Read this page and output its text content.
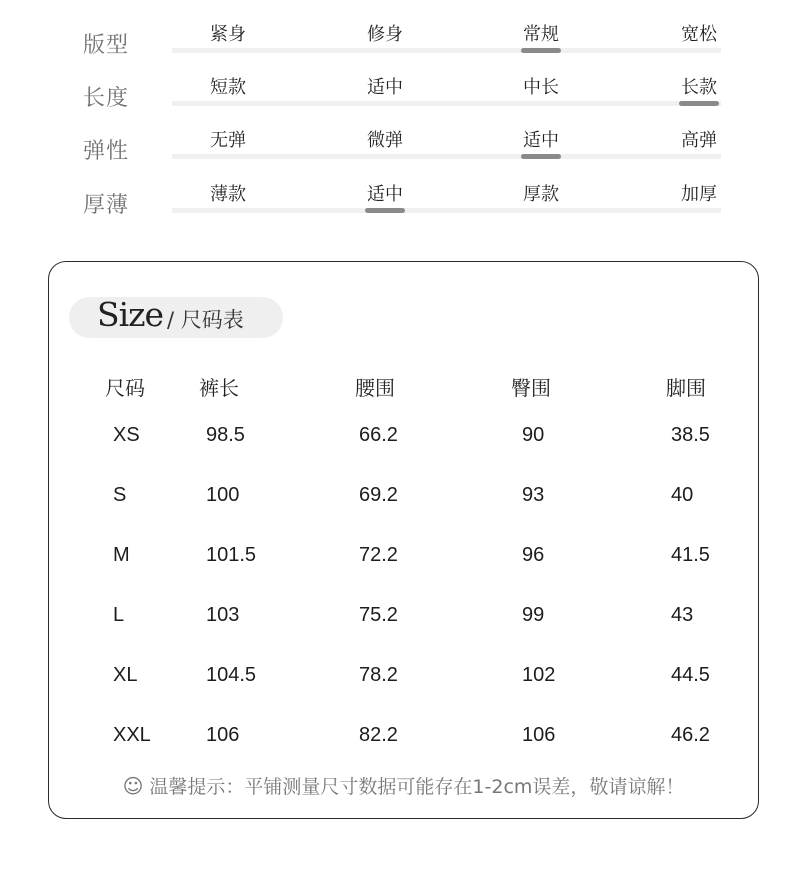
版型	紧身	修身	常规	宽松
长度	短款	适中	中长	长款
弹性	无弹	微弹	适中	高弹
厚薄	薄款	适中	厚款	加厚
Size / 尺码表
尺码	裤长	腰围	臀围	脚围
XS	98.5	66.2	90	38.5
S	100	69.2	93	40
M	101.5	72.2	96	41.5
L	103	75.2	99	43
XL	104.5	78.2	102	44.5
XXL	106	82.2	106	46.2
☺ 温馨提示：平铺测量尺寸数据可能存在1-2cm误差，敬请谅解！
